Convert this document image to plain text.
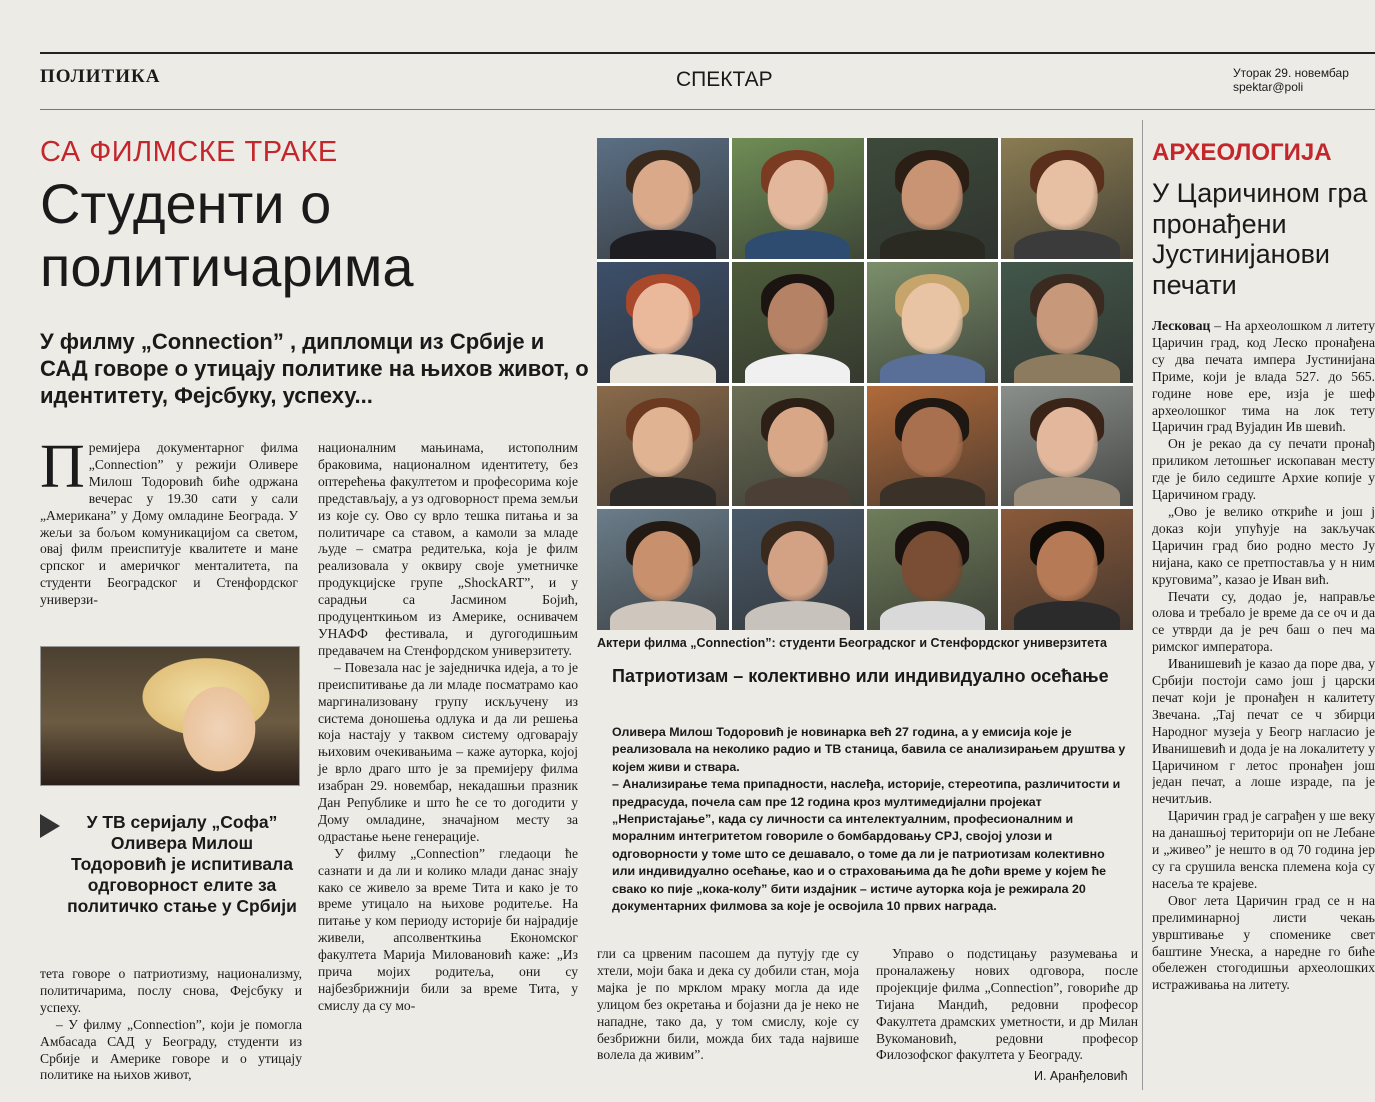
ПОЛИТИКА	СПЕКТАР	Уторак 29. новембар
spektar@poli
СА ФИЛМСКЕ ТРАКЕ
Студенти о политичарима
У филму „Connection” , дипломци из Србије и САД говоре о утицају политике на њихов живот, о идентитету, Фејсбуку, успеху...
П ремијера документарног филма „Connection” у режији Оливере Милош Тодоровић биће одржана вечерас у 19.30 сати у сали „Американа” у Дому омладине Београда. У жељи за бољом комуникацијом са светом, овај филм преиспитује квалитете и мане српског и америчког менталитета, па студенти Београдског и Стенфордског универзи-
У ТВ серијалу „Софа” Оливера Милош Тодоровић је испитивала одговорност елите за политичко стање у Србији

тета говоре о патриотизму, национализму, политичарима, послу снова, Фејсбуку и успеху.

– У филму „Connection”, који је помогла Амбасада САД у Београду, студенти из Србије и Америке говоре и о утицају политике на њихов живот,

националним мањинама, истополним браковима, националном идентитету, без оптерећења факултетом и професорима које представљају, а уз одговорност према земљи из које су. Ово су врло тешка питања и за политичаре са ставом, а камоли за младе људе – сматра редитељка, која је филм реализовала у оквиру своје уметничке продукцијске групе „ShockART”, и у сарадњи са Јасмином Бојић, продуценткињом из Америке, оснивачем УНАФФ фестивала, и дугогодишњим предавачем на Стенфордском универзитету.

– Повезала нас је заједничка идеја, а то је преиспитивање да ли младе посматрамо као маргинализовану групу искључену из система доношења одлука и да ли решења која настају у таквом систему одговарају њиховим очекивањима – каже ауторка, којој је врло драго што је за премијеру филма изабран 29. новембар, некадашњи празник Дан Републике и што ће се то догодити у Дому омладине, значајном месту за одрастање њене генерације.

У филму „Connection” гледаоци ће сазнати и да ли и колико млади данас знају како се живело за време Тита и како је то време утицало на њихове родитеље. На питање у ком периоду историје би најрадије живели, апсолвенткиња Економског факултета Марија Миловановић каже: „Из прича мојих родитеља, они су најбезбрижнији били за време Тита, у смислу да су мо-

гли са црвеним пасошем да путују где су хтели, моји бака и дека су добили стан, моја мајка је по мрклом мраку могла да иде улицом без окретања и бојазни да је неко не нападне, тако да, у том смислу, које су безбрижни били, можда бих тада највише волела да живим”.

Управо о подстицању разумевања и проналажењу нових одговора, после пројекције филма „Connection”, говориће др Тијана Мандић, редовни професор Факултета драмских уметности, и др Милан Вукомановић, редовни професор Филозофског факултета у Београду.

И. Аранђеловић
Актери филма „Connection”: студенти Београдског и Стенфордског универзитета
Патриотизам – колективно или индивидуално осећање

Оливера Милош Тодоровић је новинарка већ 27 година, а у емисија које је реализовала на неколико радио и ТВ станица, бавила се анализирањем друштва у којем живи и ствара.

– Анализирање тема припадности, наслеђа, историје, стереотипа, различитости и предрасуда, почела сам пре 12 година кроз мултимедијални пројекат „Непристајање”, када су личности са интелектуалним, професионалним и моралним интегритетом говориле о бомбардовању СРЈ, својој улози и одговорности у томе што се дешавало, о томе да ли је патриотизам колективно или индивидуално осећање, као и о страховањима да ће доћи време у којем ће свако ко пије „кока-колу” бити издајник – истиче ауторка која је режирала 20 документарних филмова за које је освојила 10 првих награда.

АРХЕОЛОГИЈА
У Царичином гра пронађени Јустинијанови печати

Лесковац – На археолошком л литету Царичин град, код Леско пронађена су два печата импера Јустинијана Приме, који је влада 527. до 565. године нове ере, изја је шеф археолошког тима на лок тету Царичин град Вујадин Ив шевић.

Он је рекао да су печати пронађ приликом летошњег ископаван месту где је било седиште Архие копије у Царичином граду.

„Ово је велико откриће и још ј доказ који упућује на закључак Царичин град био родно место Ју нијана, како се претпоставља у н ним круговима”, казао је Иван вић.

Печати су, додао је, направље олова и требало је време да се оч и да се утврди да је реч баш о печ ма римског императора.

Иванишевић је казао да поре два, у Србији постоји само још ј царски печат који је пронађен н калитету Звечана. „Тај печат се ч збирци Народног музеја у Беогр нагласио је Иванишевић и дода је на локалитету у Царичином г летос пронађен још један печат, а лоше израде, па је нечитљив.

Царичин град је саграђен у ше веку на данашњој територији оп не Лебане и „живео” је нешто в од 70 година јер су га срушила венска племена која су насеља те крајеве.

Овог лета Царичин град се н на прелиминарној листи чекањ уврштивање у споменике свет баштине Унеска, а наредне го биће обележен стогодишњи археолошких истраживања на литету.
